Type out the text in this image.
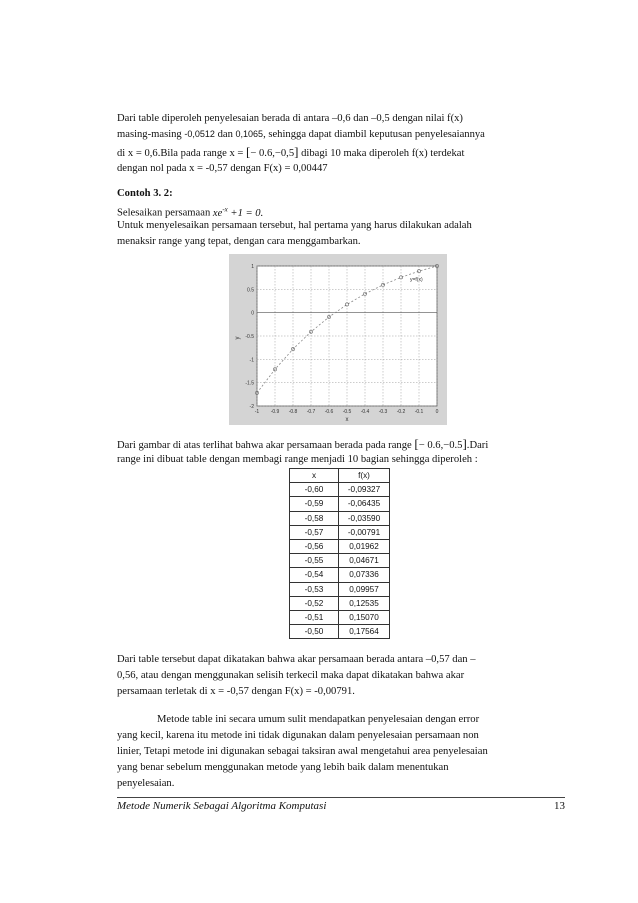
Dari table diperoleh penyelesaian berada di antara –0,6 dan –0,5 dengan nilai f(x)
masing-masing -0,0512 dan 0,1065, sehingga dapat diambil keputusan penyelesaiannya
di x = 0,6.Bila pada range x = [− 0.6,−0,5] dibagi 10 maka diperoleh f(x) terdekat
dengan nol pada x = -0,57 dengan F(x) = 0,00447
Contoh 3. 2:
Selesaikan persamaan $xe^{-x} +1 = 0$.
Untuk menyelesaikan persamaan tersebut, hal pertama yang harus dilakukan adalah
menaksir range yang tepat, dengan cara menggambarkan.
-1 -0.9 -0.8 -0.7 -0.6 -0.5 -0.4 -0.3 -0.2 -0.1 0
1
0.5
0
-0.5
-1
-1.5
-2
y=f(x)
x
y
Dari gambar di atas terlihat bahwa akar persamaan berada pada range [− 0.6,−0.5].Dari
range ini dibuat table dengan membagi range menjadi 10 bagian sehingga diperoleh :
x	f(x)
-0,60	-0,09327
-0,59	-0,06435
-0,58	-0,03590
-0,57	-0,00791
-0,56	0,01962
-0,55	0,04671
-0,54	0,07336
-0,53	0,09957
-0,52	0,12535
-0,51	0,15070
-0,50	0,17564
Dari table tersebut dapat dikatakan bahwa akar persamaan berada antara –0,57 dan –
0,56, atau dengan menggunakan selisih terkecil maka dapat dikatakan bahwa akar
persamaan terletak di x = -0,57 dengan F(x) = -0,00791.
Metode table ini secara umum sulit mendapatkan penyelesaian dengan error
yang kecil, karena itu metode ini tidak digunakan dalam penyelesaian persamaan non
linier, Tetapi metode ini digunakan sebagai taksiran awal mengetahui area penyelesaian
yang benar sebelum menggunakan metode yang lebih baik dalam menentukan
penyelesaian.
Metode Numerik Sebagai Algoritma Komputasi	13
